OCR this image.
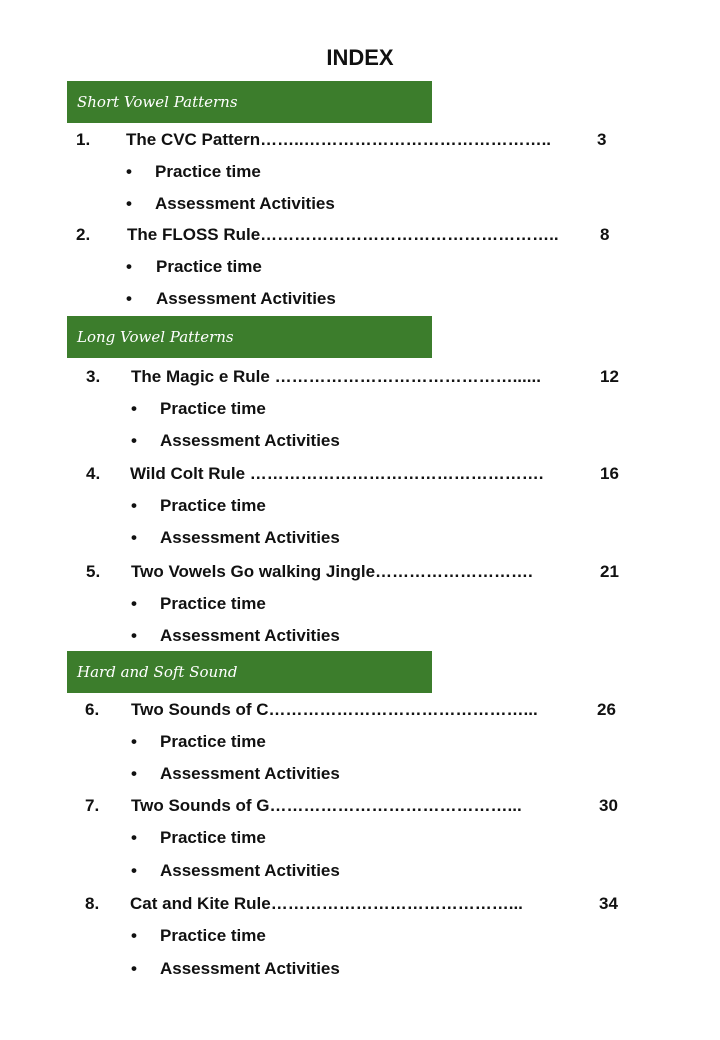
INDEX
Short Vowel Patterns
1. The CVC Pattern……..……………………………………..	3
• Practice time
• Assessment Activities
2. The FLOSS Rule…………………………………………….. 8
• Practice time
• Assessment Activities
Long Vowel Patterns
3. The Magic e Rule ……………………………………......	12
• Practice time
• Assessment Activities
4. Wild Colt Rule …………………………………………….	16
• Practice time
• Assessment Activities
5. Two Vowels Go walking Jingle……………………….	21
• Practice time
• Assessment Activities
Hard and Soft Sound
6. Two Sounds of C………………………………………...	26
• Practice time
• Assessment Activities
7. Two Sounds of G……………………………………...	30
• Practice time
• Assessment Activities
8. Cat and Kite Rule……………………………………...	34
• Practice time
• Assessment Activities
